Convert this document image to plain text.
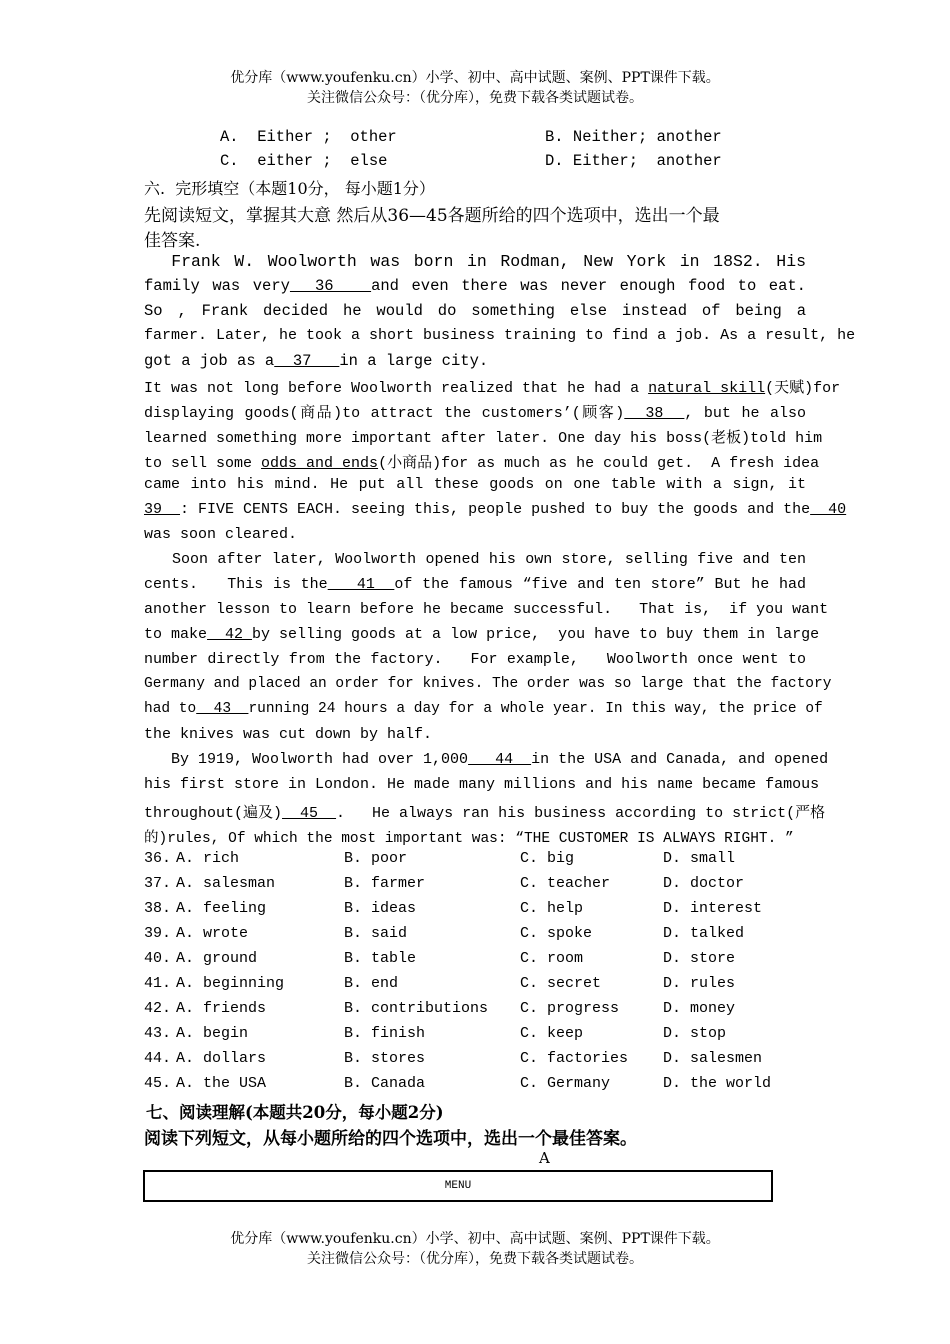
优分库（www.youfenku.cn）小学、初中、高中试题、案例、PPT课件下载。
关注微信公众号：（优分库），免费下载各类试题试卷。
A.  Either ;  other	B. Neither; another
C.  either ;  else	D. Either;  another
六.  完形填空（本题10分， 每小题1分）
先阅读短文，掌握其大意 然后从36—45各题所给的四个选项中，选出一个最
佳答案.
Frank W. Woolworth was born in Rodman, New York in 18S2. His
family was very  36   and even there was never enough food to eat.
So , Frank decided he would do something else instead of being a
farmer. Later, he took a short business training to find a job. As a result, he
got a job as a  37   in a large city.
It was not long before Woolworth realized that he had a natural skill(天赋)for
displaying goods(商品)to attract the customers’(顾客)  38  , but he also
learned something more important after later. One day his boss(老板)told him
to sell some odds and ends(小商品)for as much as he could get.  A fresh idea
came into his mind. He put all these goods on one table with a sign, it
39  : FIVE CENTS EACH. seeing this, people pushed to buy the goods and the  40
was soon cleared.
Soon after later, Woolworth opened his own store, selling five and ten
cents.   This is the   41  of the famous “five and ten store” But he had
another lesson to learn before he became successful.   That is,  if you want
to make  42 by selling goods at a low price,  you have to buy them in large
number directly from the factory.   For example,   Woolworth once went to
Germany and placed an order for knives. The order was so large that the factory
had to  43  running 24 hours a day for a whole year. In this way, the price of
the knives was cut down by half.
By 1919, Woolworth had over 1,000   44  in the USA and Canada, and opened
his first store in London. He made many millions and his name became famous
throughout(遍及)  45  .   He always ran his business according to strict(严格
的)rules, Of which the most important was: “THE CUSTOMER IS ALWAYS RIGHT. ”
36. A. rich	B. poor	C. big	D. small
37. A. salesman	B. farmer	C. teacher	D. doctor
38. A. feeling	B. ideas	C. help	D. interest
39. A. wrote	B. said	C. spoke	D. talked
40. A. ground	B. table	C. room	D. store
41. A. beginning	B. end	C. secret	D. rules
42. A. friends	B. contributions C. progress	D. money
43. A. begin	B. finish	C. keep	D. stop
44. A. dollars	B. stores	C. factories D. salesmen
45. A. the USA	B. Canada	C. Germany	D. the world
七、阅读理解(本题共20分，每小题2分)
阅读下列短文，从每小题所给的四个选项中，选出一个最佳答案。
A
MENU
优分库（www.youfenku.cn）小学、初中、高中试题、案例、PPT课件下载。
关注微信公众号：（优分库），免费下载各类试题试卷。
